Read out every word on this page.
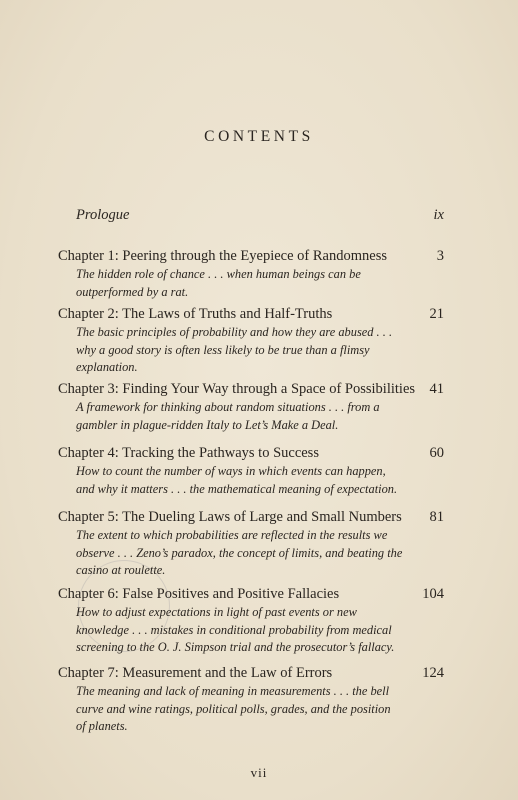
CONTENTS
Prologue	ix
Chapter 1: Peering through the Eyepiece of Randomness	3
The hidden role of chance . . . when human beings can be
outperformed by a rat.
Chapter 2: The Laws of Truths and Half-Truths	21
The basic principles of probability and how they are abused . . .
why a good story is often less likely to be true than a flimsy
explanation.
Chapter 3: Finding Your Way through a Space of Possibilities 41
A framework for thinking about random situations . . . from a
gambler in plague-ridden Italy to Let’s Make a Deal.
Chapter 4: Tracking the Pathways to Success	60
How to count the number of ways in which events can happen,
and why it matters . . . the mathematical meaning of expectation.
Chapter 5: The Dueling Laws of Large and Small Numbers 81
The extent to which probabilities are reflected in the results we
observe . . . Zeno’s paradox, the concept of limits, and beating the
casino at roulette.
Chapter 6: False Positives and Positive Fallacies	104
How to adjust expectations in light of past events or new
knowledge . . . mistakes in conditional probability from medical
screening to the O. J. Simpson trial and the prosecutor’s fallacy.
Chapter 7: Measurement and the Law of Errors	124
The meaning and lack of meaning in measurements . . . the bell
curve and wine ratings, political polls, grades, and the position
of planets.
vii
